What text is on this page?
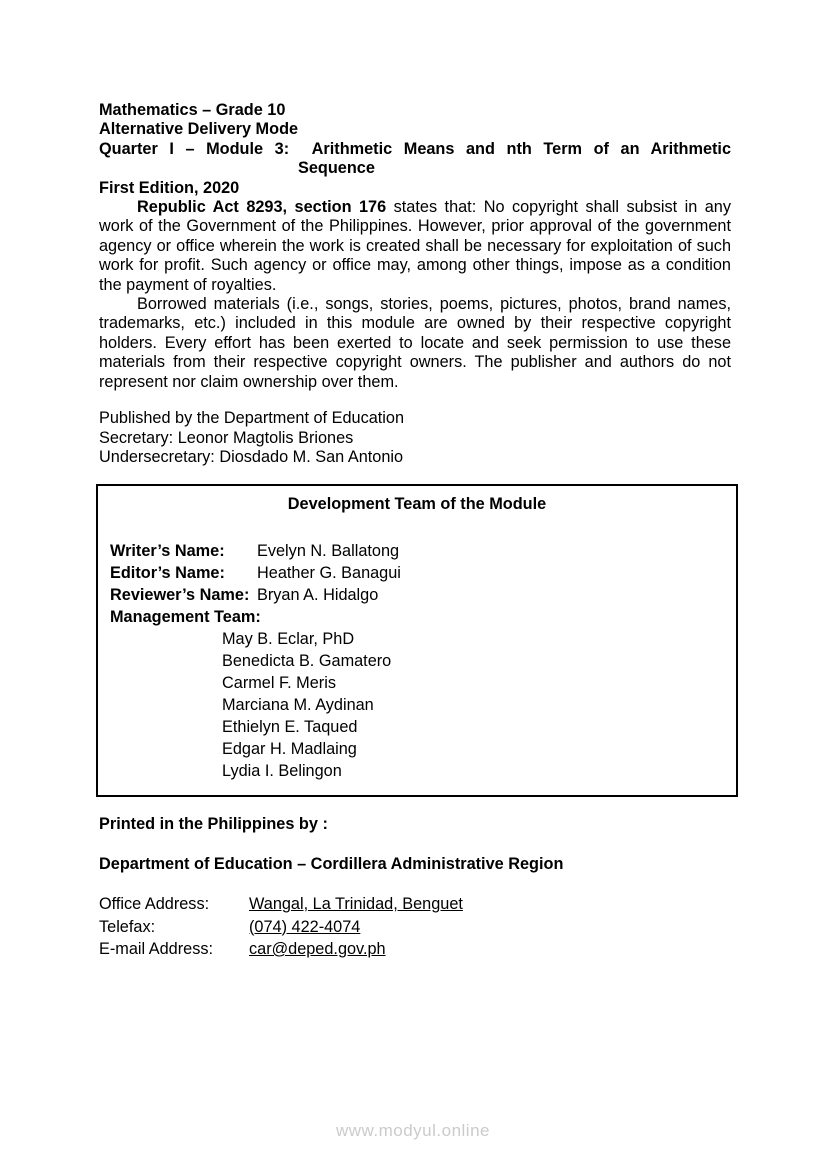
Mathematics – Grade 10
Alternative Delivery Mode
Quarter I – Module 3:  Arithmetic Means and nth Term of an Arithmetic
Sequence
First Edition, 2020

Republic Act 8293, section 176 states that: No copyright shall subsist in any work of the Government of the Philippines. However, prior approval of the government agency or office wherein the work is created shall be necessary for exploitation of such work for profit. Such agency or office may, among other things, impose as a condition the payment of royalties.

Borrowed materials (i.e., songs, stories, poems, pictures, photos, brand names, trademarks, etc.) included in this module are owned by their respective copyright holders. Every effort has been exerted to locate and seek permission to use these materials from their respective copyright owners. The publisher and authors do not represent nor claim ownership over them.

Published by the Department of Education
Secretary: Leonor Magtolis Briones
Undersecretary: Diosdado M. San Antonio
Development Team of the Module
Writer’s Name: Evelyn N. Ballatong
Editor’s Name: Heather G. Banagui
Reviewer’s Name: Bryan A. Hidalgo
Management Team:
May B. Eclar, PhD
Benedicta B. Gamatero
Carmel F. Meris
Marciana M. Aydinan
Ethielyn E. Taqued
Edgar H. Madlaing
Lydia I. Belingon
Printed in the Philippines by :
Department of Education – Cordillera Administrative Region
Office Address: Wangal, La Trinidad, Benguet
Telefax:	(074) 422-4074
E-mail Address: car@deped.gov.ph
www.modyul.online
